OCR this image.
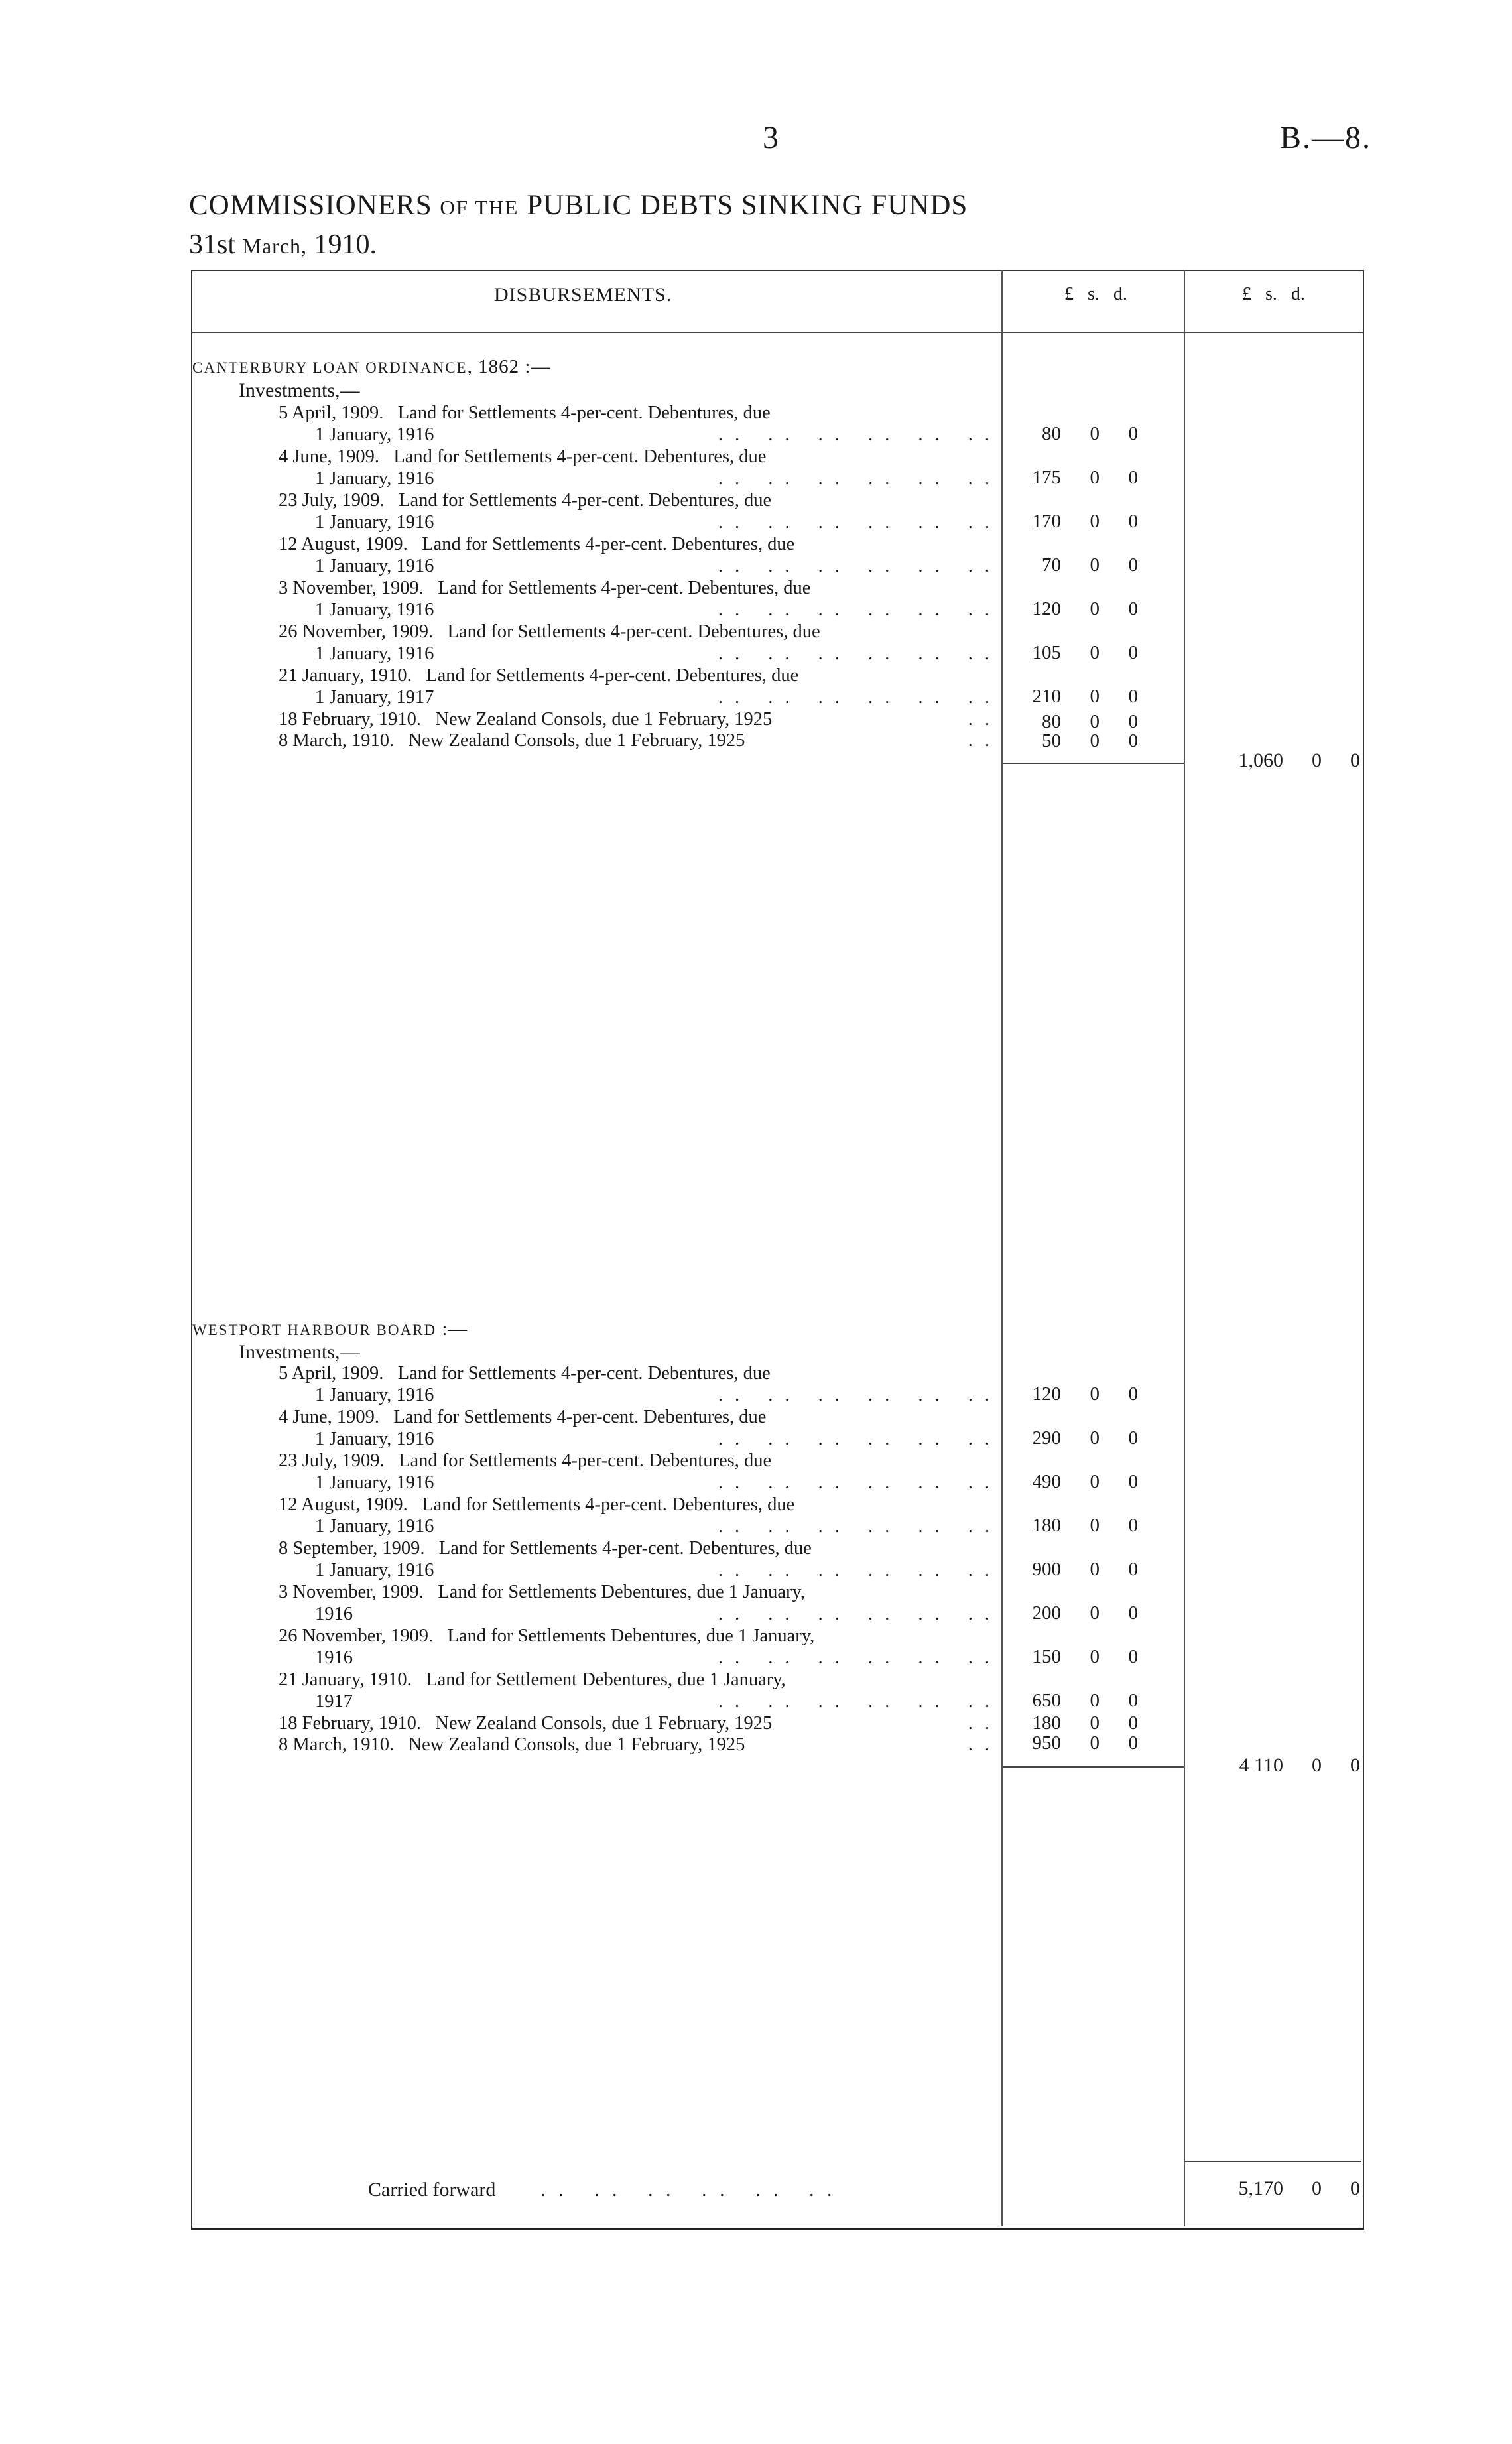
3	B.—8.
COMMISSIONERS OF THE PUBLIC DEBTS SINKING FUNDS
31st March, 1910.
DISBURSEMENTS.	£   s.   d.	£   s.   d.
CANTERBURY LOAN ORDINANCE, 1862 :—
Investments,—
5 April, 1909.   Land for Settlements 4-per-cent. Debentures, due
1 January, 1916	.. .. .. .. .. ..	80	0	0
4 June, 1909.   Land for Settlements 4-per-cent. Debentures, due
1 January, 1916	.. .. .. .. .. ..	175	0	0
23 July, 1909.   Land for Settlements 4-per-cent. Debentures, due
1 January, 1916	.. .. .. .. .. ..	170	0	0
12 August, 1909.   Land for Settlements 4-per-cent. Debentures, due
1 January, 1916	.. .. .. .. .. ..	70	0	0
3 November, 1909.   Land for Settlements 4-per-cent. Debentures, due
1 January, 1916	.. .. .. .. .. ..	120	0	0
26 November, 1909.   Land for Settlements 4-per-cent. Debentures, due
1 January, 1916	.. .. .. .. .. ..	105	0	0
21 January, 1910.   Land for Settlements 4-per-cent. Debentures, due
1 January, 1917	.. .. .. .. .. ..	210	0	0
18 February, 1910.   New Zealand Consols, due 1 February, 1925	..	80	0	0
8 March, 1910.   New Zealand Consols, due 1 February, 1925	..	50	0	0
1,060	0	0
WESTPORT HARBOUR BOARD :—
Investments,—
5 April, 1909.   Land for Settlements 4-per-cent. Debentures, due
1 January, 1916	.. .. .. .. .. ..	120	0	0
4 June, 1909.   Land for Settlements 4-per-cent. Debentures, due
1 January, 1916	.. .. .. .. .. ..	290	0	0
23 July, 1909.   Land for Settlements 4-per-cent. Debentures, due
1 January, 1916	.. .. .. .. .. ..	490	0	0
12 August, 1909.   Land for Settlements 4-per-cent. Debentures, due
1 January, 1916	.. .. .. .. .. ..	180	0	0
8 September, 1909.   Land for Settlements 4-per-cent. Debentures, due
1 January, 1916	.. .. .. .. .. ..	900	0	0
3 November, 1909.   Land for Settlements Debentures, due 1 January,
1916	.. .. .. .. .. ..	200	0	0
26 November, 1909.   Land for Settlements Debentures, due 1 January,
1916	.. .. .. .. .. ..	150	0	0
21 January, 1910.   Land for Settlement Debentures, due 1 January,
1917	.. .. .. .. .. ..	650	0	0
18 February, 1910.   New Zealand Consols, due 1 February, 1925	..	180	0	0
8 March, 1910.   New Zealand Consols, due 1 February, 1925	..	950	0	0
4 110	0	0
Carried forward . .   . .   . .   . .   . .   . .	5,170	0	0
